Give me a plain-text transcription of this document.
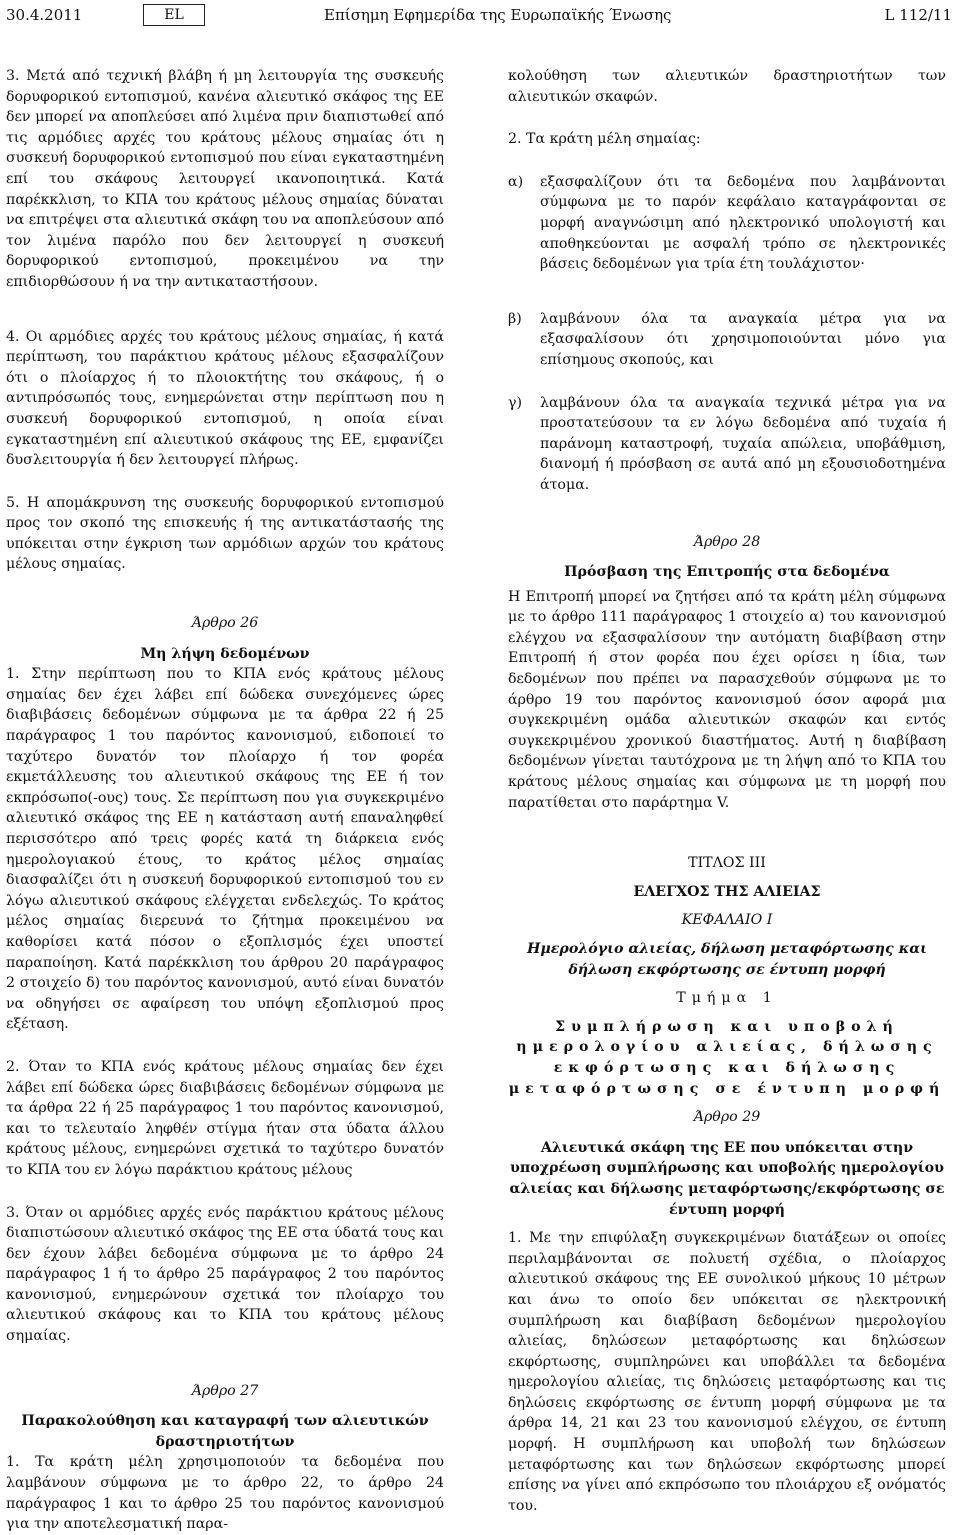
30.4.2011	EL	Επίσημη Εφημερίδα της Ευρωπαϊκής Ένωσης	L 112/11

3. Μετά από τεχνική βλάβη ή μη λειτουργία της συσκευής δορυφορικού εντοπισμού, κανένα αλιευτικό σκάφος της ΕΕ δεν μπορεί να αποπλεύσει από λιμένα πριν διαπιστωθεί από τις αρμόδιες αρχές του κράτους μέλους σημαίας ότι η συσκευή δορυφορικού εντοπισμού που είναι εγκαταστημένη επί του σκάφους λειτουργεί ικανοποιητικά. Κατά παρέκκλιση, το ΚΠΑ του κράτους μέλους σημαίας δύναται να επιτρέψει στα αλιευτικά σκάφη του να αποπλεύσουν από τον λιμένα παρόλο που δεν λειτουργεί η συσκευή δορυφορικού εντοπισμού, προκειμένου να την επιδιορθώσουν ή να την αντικαταστήσουν.

4. Οι αρμόδιες αρχές του κράτους μέλους σημαίας, ή κατά περίπτωση, του παράκτιου κράτους μέλους εξασφαλίζουν ότι ο πλοίαρχος ή το πλοιοκτήτης του σκάφους, ή ο αντιπρόσωπός τους, ενημερώνεται στην περίπτωση που η συσκευή δορυφορικού εντοπισμού, η οποία είναι εγκαταστημένη επί αλιευτικού σκάφους της ΕΕ, εμφανίζει δυσλειτουργία ή δεν λειτουργεί πλήρως.

5. Η απομάκρυνση της συσκευής δορυφορικού εντοπισμού προς τον σκοπό της επισκευής ή της αντικατάστασής της υπόκειται στην έγκριση των αρμόδιων αρχών του κράτους μέλους σημαίας.

Άρθρο 26

Μη λήψη δεδομένων

1. Στην περίπτωση που το ΚΠΑ ενός κράτους μέλους σημαίας δεν έχει λάβει επί δώδεκα συνεχόμενες ώρες διαβιβάσεις δεδομένων σύμφωνα με τα άρθρα 22 ή 25 παράγραφος 1 του παρόντος κανονισμού, ειδοποιεί το ταχύτερο δυνατόν τον πλοίαρχο ή τον φορέα εκμετάλλευσης του αλιευτικού σκάφους της ΕΕ ή τον εκπρόσωπο(-ους) τους. Σε περίπτωση που για συγκεκριμένο αλιευτικό σκάφος της ΕΕ η κατάσταση αυτή επαναληφθεί περισσότερο από τρεις φορές κατά τη διάρκεια ενός ημερολογιακού έτους, το κράτος μέλος σημαίας διασφαλίζει ότι η συσκευή δορυφορικού εντοπισμού του εν λόγω αλιευτικού σκάφους ελέγχεται ενδελεχώς. Το κράτος μέλος σημαίας διερευνά το ζήτημα προκειμένου να καθορίσει κατά πόσον ο εξοπλισμός έχει υποστεί παραποίηση. Κατά παρέκκλιση του άρθρου 20 παράγραφος 2 στοιχείο δ) του παρόντος κανονισμού, αυτό είναι δυνατόν να οδηγήσει σε αφαίρεση του υπόψη εξοπλισμού προς εξέταση.

2. Όταν το ΚΠΑ ενός κράτους μέλους σημαίας δεν έχει λάβει επί δώδεκα ώρες διαβιβάσεις δεδομένων σύμφωνα με τα άρθρα 22 ή 25 παράγραφος 1 του παρόντος κανονισμού, και το τελευταίο ληφθέν στίγμα ήταν στα ύδατα άλλου κράτους μέλους, ενημερώνει σχετικά το ταχύτερο δυνατόν το ΚΠΑ του εν λόγω παράκτιου κράτους μέλους

3. Όταν οι αρμόδιες αρχές ενός παράκτιου κράτους μέλους διαπιστώσουν αλιευτικό σκάφος της ΕΕ στα ύδατά τους και δεν έχουν λάβει δεδομένα σύμφωνα με το άρθρο 24 παράγραφος 1 ή το άρθρο 25 παράγραφος 2 του παρόντος κανονισμού, ενημερώνουν σχετικά τον πλοίαρχο του αλιευτικού σκάφους και το ΚΠΑ του κράτους μέλους σημαίας.

Άρθρο 27

Παρακολούθηση και καταγραφή των αλιευτικών δραστηριοτήτων

1. Τα κράτη μέλη χρησιμοποιούν τα δεδομένα που λαμβάνουν σύμφωνα με το άρθρο 22, το άρθρο 24 παράγραφος 1 και το άρθρο 25 του παρόντος κανονισμού για την αποτελεσματική παρα-

κολούθηση των αλιευτικών δραστηριοτήτων των αλιευτικών σκαφών.

2. Τα κράτη μέλη σημαίας:

α)	εξασφαλίζουν ότι τα δεδομένα που λαμβάνονται σύμφωνα με το παρόν κεφάλαιο καταγράφονται σε μορφή αναγνώσιμη από ηλεκτρονικό υπολογιστή και αποθηκεύονται με ασφαλή τρόπο σε ηλεκτρονικές βάσεις δεδομένων για τρία έτη τουλάχιστον·
β)	λαμβάνουν όλα τα αναγκαία μέτρα για να εξασφαλίσουν ότι χρησιμοποιούνται μόνο για επίσημους σκοπούς, και
γ)	λαμβάνουν όλα τα αναγκαία τεχνικά μέτρα για να προστατεύσουν τα εν λόγω δεδομένα από τυχαία ή παράνομη καταστροφή, τυχαία απώλεια, υποβάθμιση, διανομή ή πρόσβαση σε αυτά από μη εξουσιοδοτημένα άτομα.

Άρθρο 28

Πρόσβαση της Επιτροπής στα δεδομένα

Η Επιτροπή μπορεί να ζητήσει από τα κράτη μέλη σύμφωνα με το άρθρο 111 παράγραφος 1 στοιχείο α) του κανονισμού ελέγχου να εξασφαλίσουν την αυτόματη διαβίβαση στην Επιτροπή ή στον φορέα που έχει ορίσει η ίδια, των δεδομένων που πρέπει να παρασχεθούν σύμφωνα με το άρθρο 19 του παρόντος κανονισμού όσον αφορά μια συγκεκριμένη ομάδα αλιευτικών σκαφών και εντός συγκεκριμένου χρονικού διαστήματος. Αυτή η διαβίβαση δεδομένων γίνεται ταυτόχρονα με τη λήψη από το ΚΠΑ του κράτους μέλους σημαίας και σύμφωνα με τη μορφή που παρατίθεται στο παράρτημα V.

ΤΙΤΛΟΣ III

ΕΛΕΓΧΟΣ ΤΗΣ ΑΛΙΕΙΑΣ

ΚΕΦΑΛΑΙΟ I

Ημερολόγιο αλιείας, δήλωση μεταφόρτωσης και δήλωση εκφόρτωσης σε έντυπη μορφή

Τμήμα 1

Συμπλήρωση και υποβολή ημερολογίου αλιείας, δήλωσης εκφόρτωσης και δήλωσης μεταφόρτωσης σε έντυπη μορφή

Άρθρο 29

Αλιευτικά σκάφη της ΕΕ που υπόκειται στην υποχρέωση συμπλήρωσης και υποβολής ημερολογίου αλιείας και δήλωσης μεταφόρτωσης/εκφόρτωσης σε έντυπη μορφή

1. Με την επιφύλαξη συγκεκριμένων διατάξεων οι οποίες περιλαμβάνονται σε πολυετή σχέδια, ο πλοίαρχος αλιευτικού σκάφους της ΕΕ συνολικού μήκους 10 μέτρων και άνω το οποίο δεν υπόκειται σε ηλεκτρονική συμπλήρωση και διαβίβαση δεδομένων ημερολογίου αλιείας, δηλώσεων μεταφόρτωσης και δηλώσεων εκφόρτωσης, συμπληρώνει και υποβάλλει τα δεδομένα ημερολογίου αλιείας, τις δηλώσεις μεταφόρτωσης και τις δηλώσεις εκφόρτωσης σε έντυπη μορφή σύμφωνα με τα άρθρα 14, 21 και 23 του κανονισμού ελέγχου, σε έντυπη μορφή. Η συμπλήρωση και υποβολή των δηλώσεων μεταφόρτωσης και των δηλώσεων εκφόρτωσης μπορεί επίσης να γίνει από εκπρόσωπο του πλοιάρχου εξ ονόματός του.
